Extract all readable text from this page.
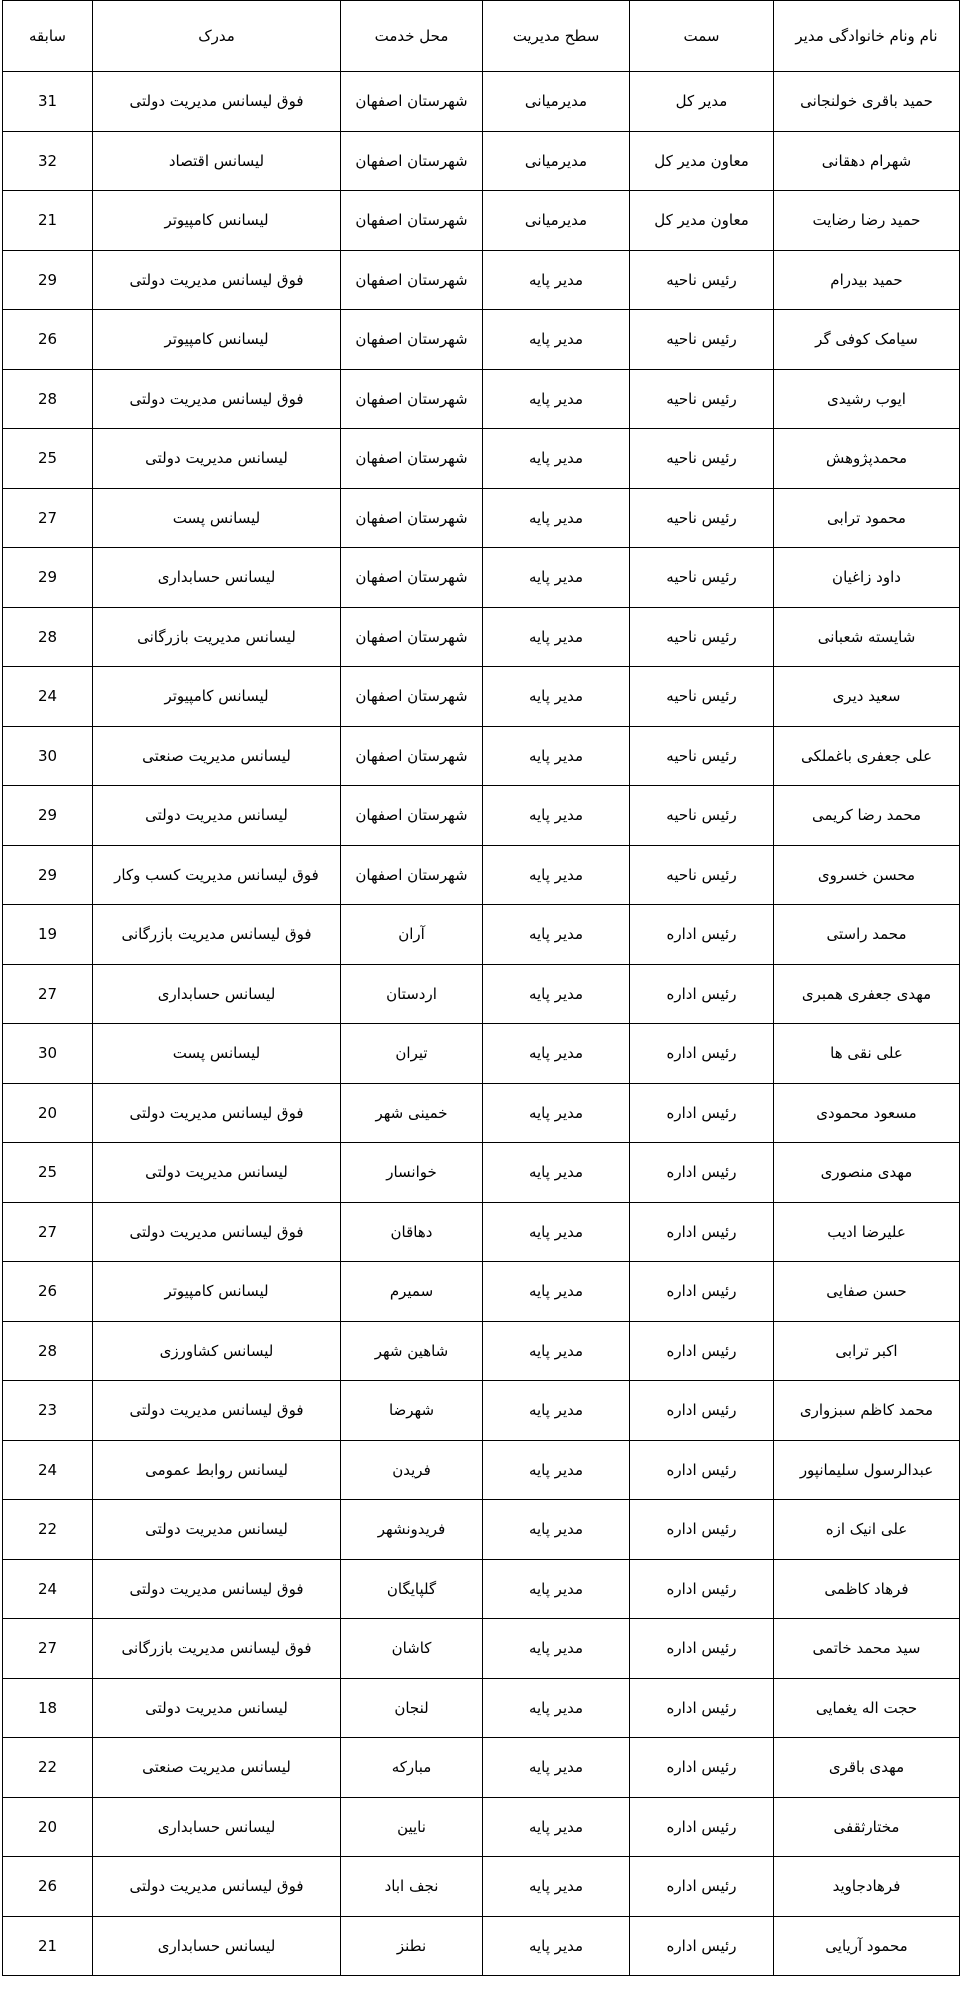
نام ونام خانوادگی مدیر	سمت	سطح مدیریت	محل خدمت	مدرک	سابقه
حمید باقری خولنجانی	مدیر کل	مدیرمیانی	شهرستان اصفهان	فوق لیسانس مدیریت دولتی	31
شهرام دهقانی	معاون مدیر کل	مدیرمیانی	شهرستان اصفهان	لیسانس اقتصاد	32
حمید رضا رضایت	معاون مدیر کل	مدیرمیانی	شهرستان اصفهان	لیسانس کامپیوتر	21
حمید بیدرام	رئیس ناحیه	مدیر پایه	شهرستان اصفهان	فوق لیسانس مدیریت دولتی	29
سیامک کوفی گر	رئیس ناحیه	مدیر پایه	شهرستان اصفهان	لیسانس کامپیوتر	26
ایوب رشیدی	رئیس ناحیه	مدیر پایه	شهرستان اصفهان	فوق لیسانس مدیریت دولتی	28
محمدپژوهش	رئیس ناحیه	مدیر پایه	شهرستان اصفهان	لیسانس مدیریت دولتی	25
محمود ترابی	رئیس ناحیه	مدیر پایه	شهرستان اصفهان	لیسانس پست	27
داود زاغیان	رئیس ناحیه	مدیر پایه	شهرستان اصفهان	لیسانس حسابداری	29
شایسته شعبانی	رئیس ناحیه	مدیر پایه	شهرستان اصفهان	لیسانس مدیریت بازرگانی	28
سعید دیری	رئیس ناحیه	مدیر پایه	شهرستان اصفهان	لیسانس کامپیوتر	24
علی جعفری باغملکی	رئیس ناحیه	مدیر پایه	شهرستان اصفهان	لیسانس مدیریت صنعتی	30
محمد رضا کریمی	رئیس ناحیه	مدیر پایه	شهرستان اصفهان	لیسانس مدیریت دولتی	29
محسن خسروی	رئیس ناحیه	مدیر پایه	شهرستان اصفهان	فوق لیسانس مدیریت کسب وکار	29
محمد راستی	رئیس اداره	مدیر پایه	آران	فوق لیسانس مدیریت بازرگانی	19
مهدی جعفری همبری	رئیس اداره	مدیر پایه	اردستان	لیسانس حسابداری	27
علی نقی ها	رئیس اداره	مدیر پایه	تیران	لیسانس پست	30
مسعود محمودی	رئیس اداره	مدیر پایه	خمینی شهر	فوق لیسانس مدیریت دولتی	20
مهدی منصوری	رئیس اداره	مدیر پایه	خوانسار	لیسانس مدیریت دولتی	25
علیرضا ادیب	رئیس اداره	مدیر پایه	دهاقان	فوق لیسانس مدیریت دولتی	27
حسن صفایی	رئیس اداره	مدیر پایه	سمیرم	لیسانس کامپیوتر	26
اکبر ترابی	رئیس اداره	مدیر پایه	شاهین شهر	لیسانس کشاورزی	28
محمد کاظم سبزواری	رئیس اداره	مدیر پایه	شهرضا	فوق لیسانس مدیریت دولتی	23
عبدالرسول سلیمانپور	رئیس اداره	مدیر پایه	فریدن	لیسانس روابط عمومی	24
علی انیک ازه	رئیس اداره	مدیر پایه	فریدونشهر	لیسانس مدیریت دولتی	22
فرهاد کاظمی	رئیس اداره	مدیر پایه	گلپایگان	فوق لیسانس مدیریت دولتی	24
سید محمد خاتمی	رئیس اداره	مدیر پایه	کاشان	فوق لیسانس مدیریت بازرگانی	27
حجت اله یغمایی	رئیس اداره	مدیر پایه	لنجان	لیسانس مدیریت دولتی	18
مهدی باقری	رئیس اداره	مدیر پایه	مبارکه	لیسانس مدیریت صنعتی	22
مختارثقفی	رئیس اداره	مدیر پایه	نایین	لیسانس حسابداری	20
فرهادجاوید	رئیس اداره	مدیر پایه	نجف اباد	فوق لیسانس مدیریت دولتی	26
محمود آریایی	رئیس اداره	مدیر پایه	نطنز	لیسانس حسابداری	21
